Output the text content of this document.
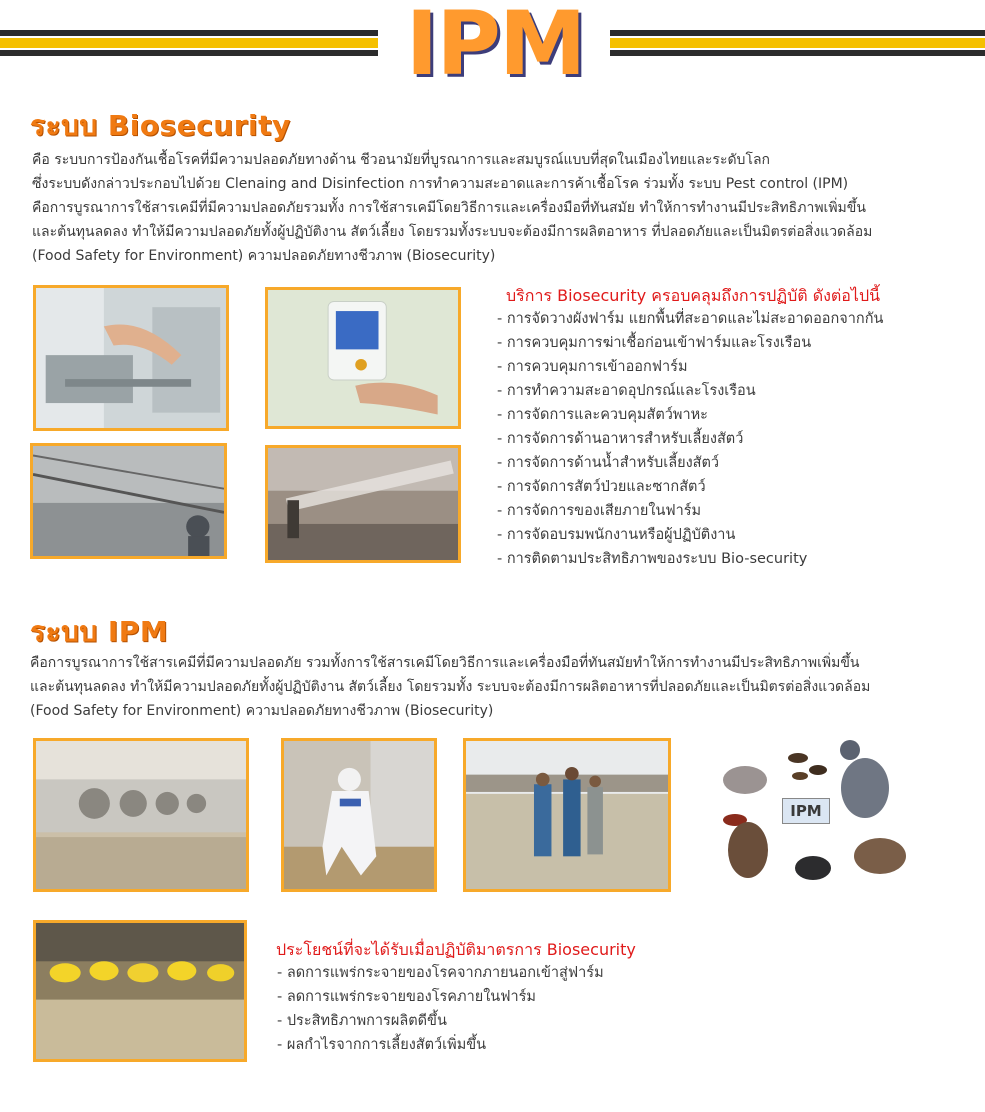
IPM
ระบบ Biosecurity
คือ ระบบการป้องกันเชื้อโรคที่มีความปลอดภัยทางด้าน ชีวอนามัยที่บูรณาการและสมบูรณ์แบบที่สุดในเมืองไทยและระดับโลก
ซึ่งระบบดังกล่าวประกอบไปด้วย Clenaing and Disinfection การทำความสะอาดและการค้าเชื้อโรค ร่วมทั้ง ระบบ Pest control (IPM)
คือการบูรณาการใช้สารเคมีที่มีความปลอดภัยรวมทั้ง การใช้สารเคมีโดยวิธีการและเครื่องมือที่ทันสมัย ทำให้การทำงานมีประสิทธิภาพเพิ่มขึ้น
และต้นทุนลดลง ทำให้มีความปลอดภัยทั้งผู้ปฏิบัติงาน สัตว์เลี้ยง โดยรวมทั้งระบบจะต้องมีการผลิตอาหาร ที่ปลอดภัยและเป็นมิตรต่อสิ่งแวดล้อม
(Food Safety for Environment) ความปลอดภัยทางชีวภาพ (Biosecurity)
บริการ Biosecurity ครอบคลุมถึงการปฏิบัติ ดังต่อไปนี้
- การจัดวางผังฟาร์ม แยกพื้นที่สะอาดและไม่สะอาดออกจากกัน
- การควบคุมการฆ่าเชื้อก่อนเข้าฟาร์มและโรงเรือน
- การควบคุมการเข้าออกฟาร์ม
- การทำความสะอาดอุปกรณ์และโรงเรือน
- การจัดการและควบคุมสัตว์พาหะ
- การจัดการด้านอาหารสำหรับเลี้ยงสัตว์
- การจัดการด้านน้ำสำหรับเลี้ยงสัตว์
- การจัดการสัตว์ป่วยและซากสัตว์
- การจัดการของเสียภายในฟาร์ม
- การจัดอบรมพนักงานหรือผู้ปฏิบัติงาน
- การติดตามประสิทธิภาพของระบบ Bio-security
ระบบ IPM
คือการบูรณาการใช้สารเคมีที่มีความปลอดภัย รวมทั้งการใช้สารเคมีโดยวิธีการและเครื่องมือที่ทันสมัยทำให้การทำงานมีประสิทธิภาพเพิ่มขึ้น
และต้นทุนลดลง ทำให้มีความปลอดภัยทั้งผู้ปฏิบัติงาน สัตว์เลี้ยง โดยรวมทั้ง ระบบจะต้องมีการผลิตอาหารที่ปลอดภัยและเป็นมิตรต่อสิ่งแวดล้อม
(Food Safety for Environment) ความปลอดภัยทางชีวภาพ (Biosecurity)
IPM
ประโยชน์ที่จะได้รับเมื่อปฏิบัติมาตรการ Biosecurity
- ลดการแพร่กระจายของโรคจากภายนอกเข้าสู่ฟาร์ม
- ลดการแพร่กระจายของโรคภายในฟาร์ม
- ประสิทธิภาพการผลิตดีขึ้น
- ผลกำไรจากการเลี้ยงสัตว์เพิ่มขึ้น
